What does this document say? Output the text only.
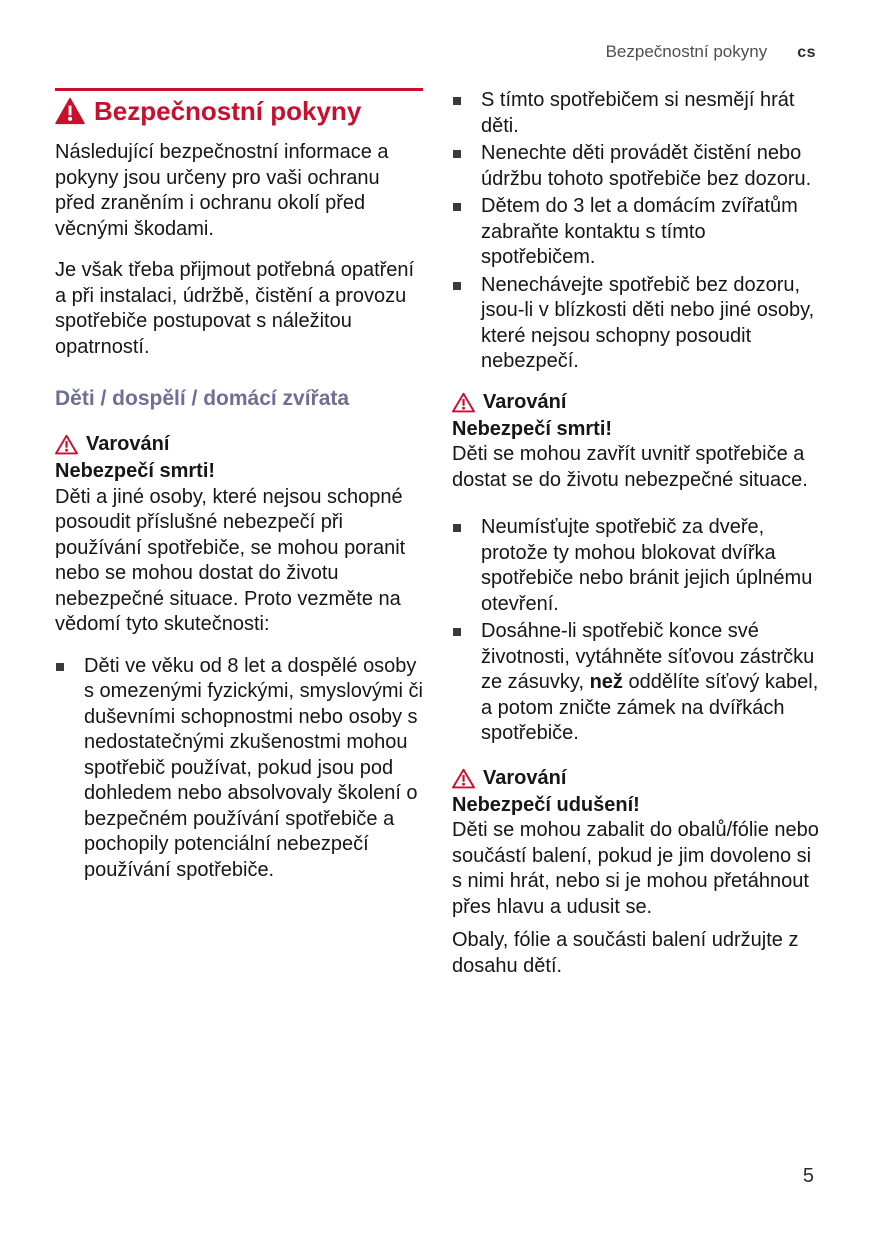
Bezpečnostní pokyny cs
Bezpečnostní pokyny

Následující bezpečnostní informace a pokyny jsou určeny pro vaši ochranu před zraněním i ochranu okolí před věcnými škodami.

Je však třeba přijmout potřebná opatření a při instalaci, údržbě, čistění a provozu spotřebiče postupovat s náležitou opatrností.

Děti / dospělí / domácí zvířata
Varování
Nebezpečí smrti!

Děti a jiné osoby, které nejsou schopné posoudit příslušné nebezpečí při používání spotřebiče, se mohou poranit nebo se mohou dostat do životu nebezpečné situace. Proto vezměte na vědomí tyto skutečnosti:

Děti ve věku od 8 let a dospělé osoby s omezenými fyzickými, smyslovými či duševními schopnostmi nebo osoby s nedostatečnými zkušenostmi mohou spotřebič používat, pokud jsou pod dohledem nebo absolvovaly školení o bezpečném používání spotřebiče a pochopily potenciální nebezpečí používání spotřebiče.
S tímto spotřebičem si nesmějí hrát děti.
Nenechte děti provádět čistění nebo údržbu tohoto spotřebiče bez dozoru.
Dětem do 3 let a domácím zvířatům zabraňte kontaktu s tímto spotřebičem.
Nenechávejte spotřebič bez dozoru, jsou-li v blízkosti děti nebo jiné osoby, které nejsou schopny posoudit nebezpečí.
Varování
Nebezpečí smrti!

Děti se mohou zavřít uvnitř spotřebiče a dostat se do životu nebezpečné situace.

Neumísťujte spotřebič za dveře, protože ty mohou blokovat dvířka spotřebiče nebo bránit jejich úplnému otevření.
Dosáhne-li spotřebič konce své životnosti, vytáhněte síťovou zástrčku ze zásuvky, než oddělíte síťový kabel, a potom zničte zámek na dvířkách spotřebiče.
Varování
Nebezpečí udušení!

Děti se mohou zabalit do obalů/fólie nebo součástí balení, pokud je jim dovoleno si s nimi hrát, nebo si je mohou přetáhnout přes hlavu a udusit se.

Obaly, fólie a součásti balení udržujte z dosahu dětí.

5
